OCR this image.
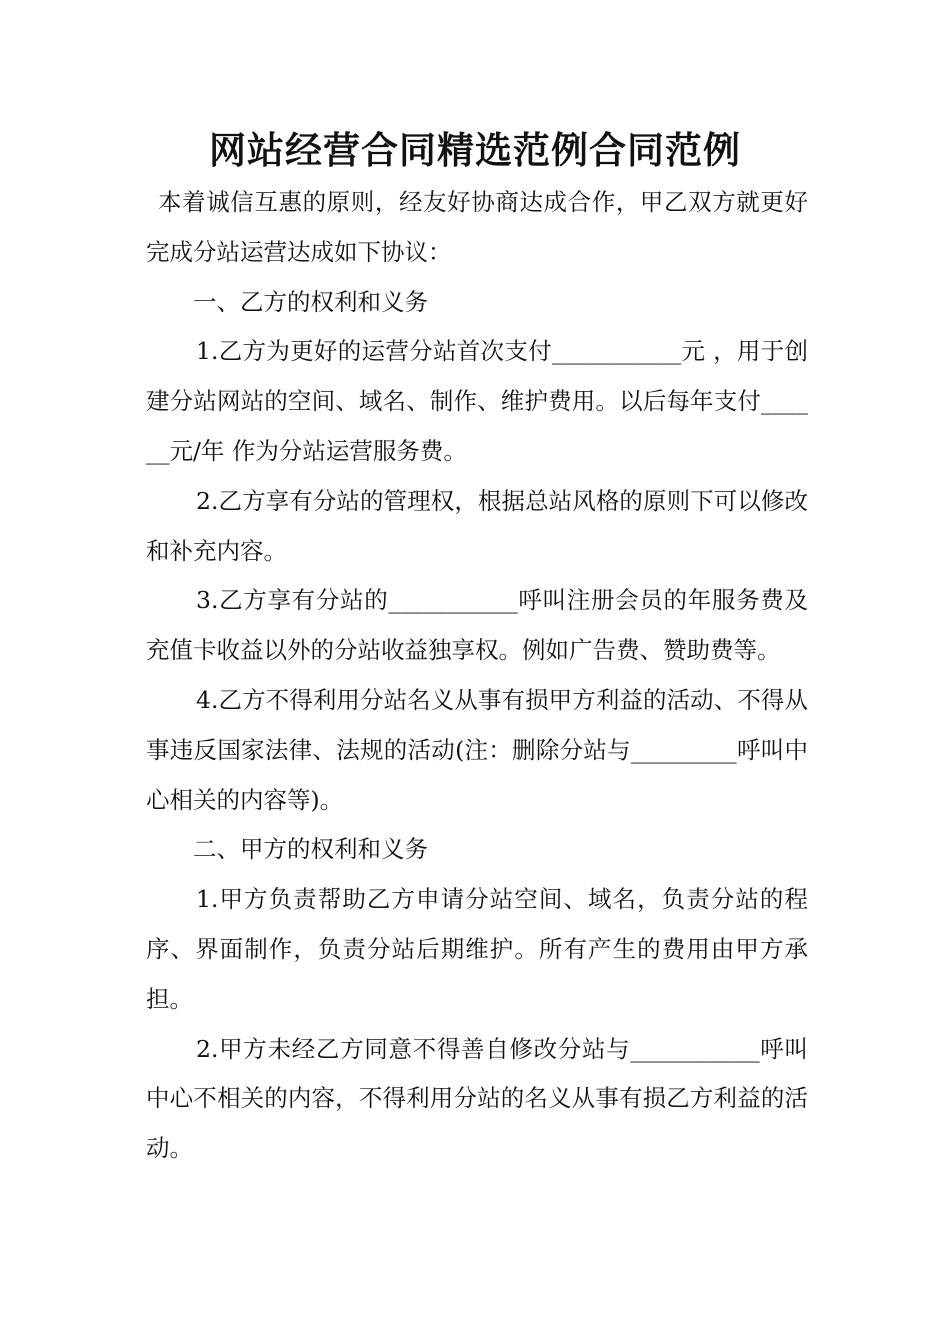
网站经营合同精选范例合同范例

本着诚信互惠的原则，经友好协商达成合作，甲乙双方就更好完成分站运营达成如下协议：

一、乙方的权利和义务

1.乙方为更好的运营分站首次支付___________元 ，用于创建分站网站的空间、域名、制作、维护费用。以后每年支付______元/年 作为分站运营服务费。

2.乙方享有分站的管理权，根据总站风格的原则下可以修改和补充内容。

3.乙方享有分站的___________呼叫注册会员的年服务费及充值卡收益以外的分站收益独享权。例如广告费、赞助费等。

4.乙方不得利用分站名义从事有损甲方利益的活动、不得从事违反国家法律、法规的活动(注：删除分站与_________呼叫中心相关的内容等)。

二、甲方的权利和义务

1.甲方负责帮助乙方申请分站空间、域名，负责分站的程序、界面制作，负责分站后期维护。所有产生的费用由甲方承担。

2.甲方未经乙方同意不得善自修改分站与___________呼叫中心不相关的内容，不得利用分站的名义从事有损乙方利益的活动。
